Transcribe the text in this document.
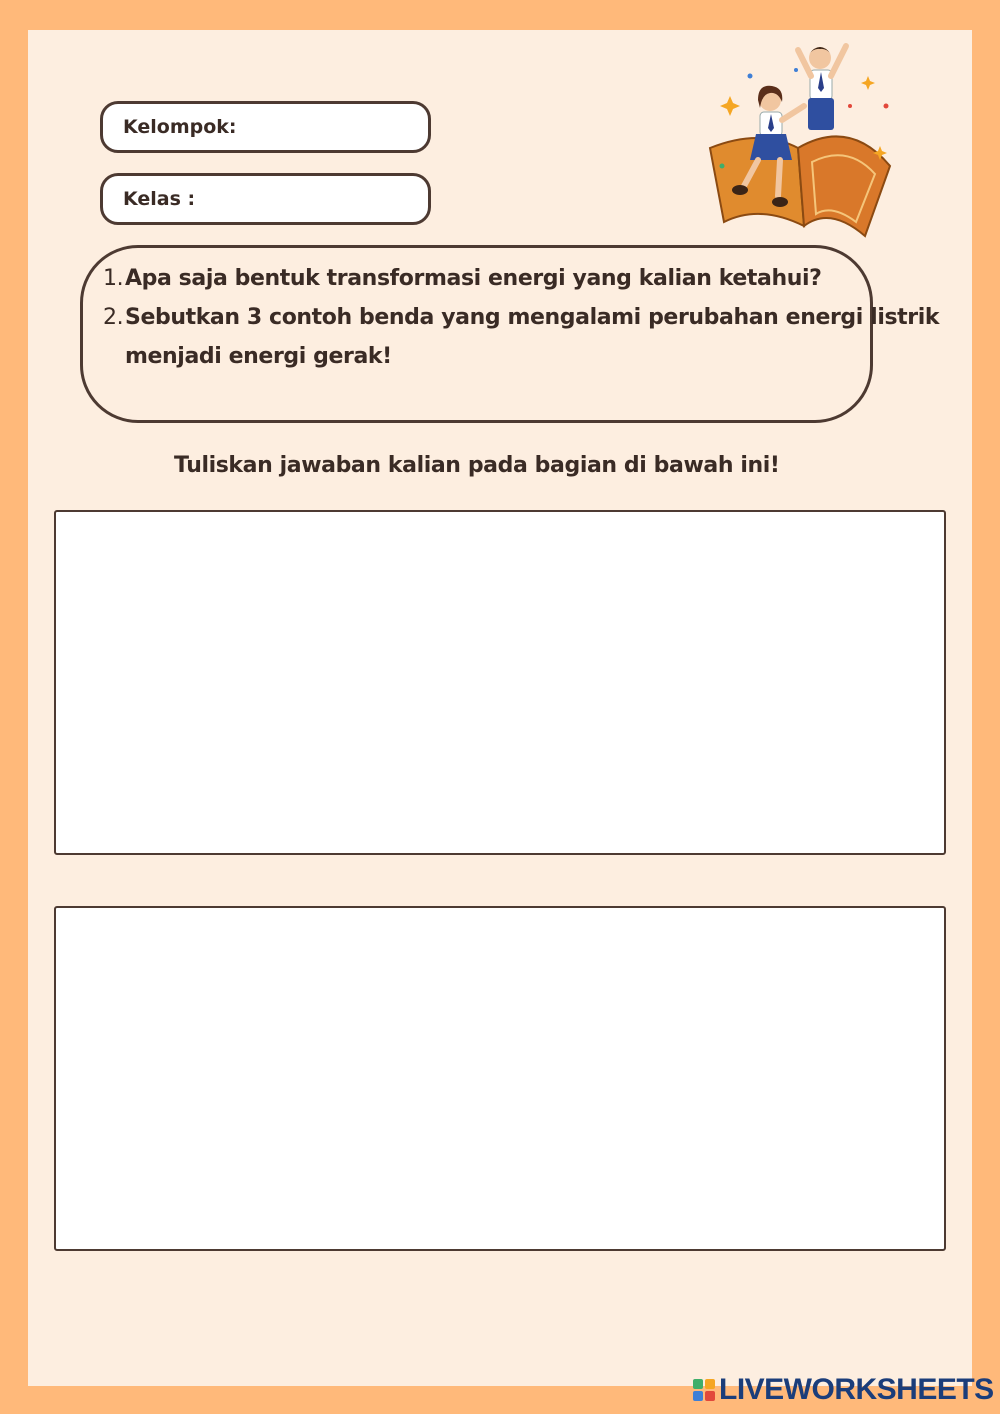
Kelompok:
Kelas :
1. Apa saja bentuk transformasi energi yang kalian ketahui?
2. Sebutkan 3 contoh benda yang mengalami perubahan energi listrik
menjadi energi gerak!
Tuliskan jawaban kalian pada bagian di bawah ini!
LIVEWORKSHEETS
